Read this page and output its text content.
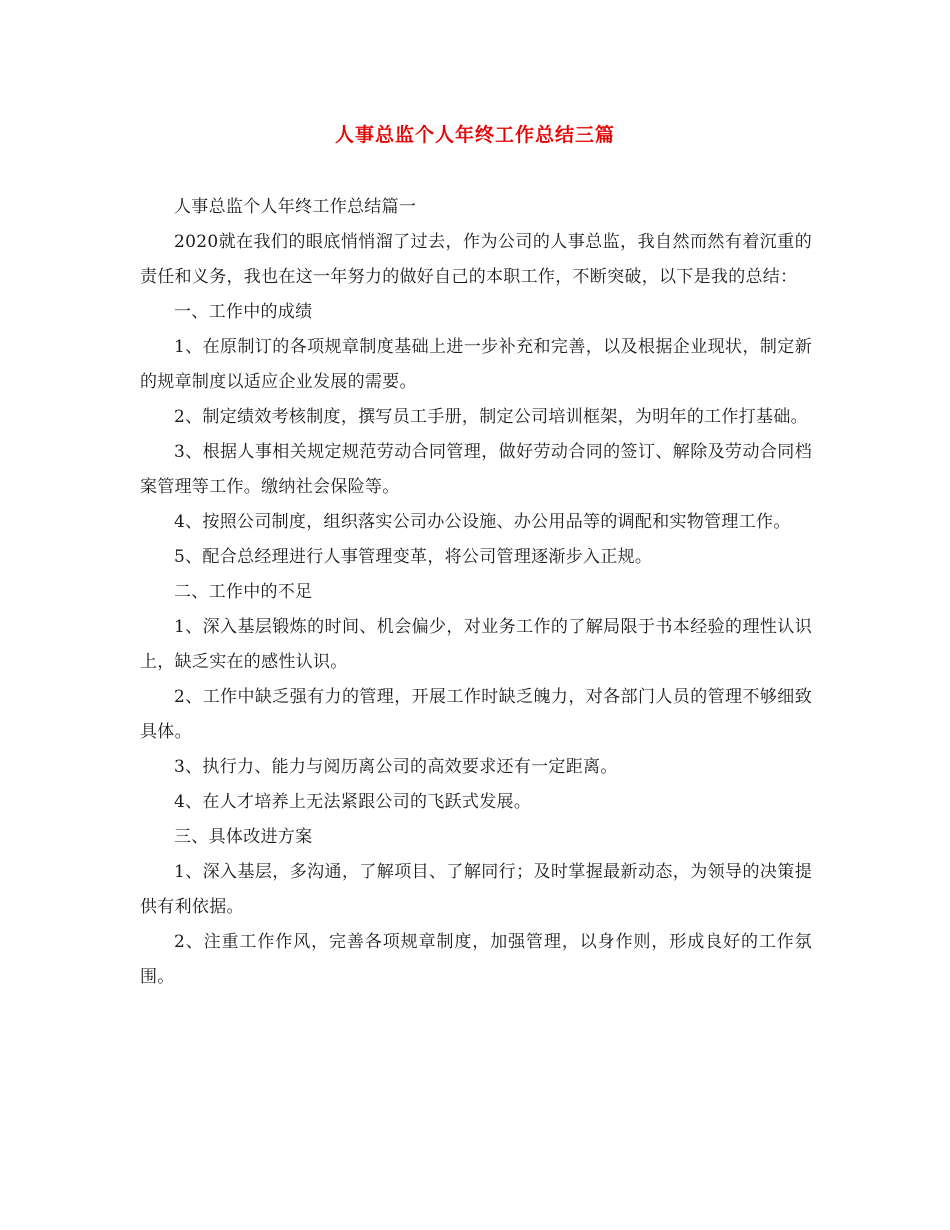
人事总监个人年终工作总结三篇

人事总监个人年终工作总结篇一

2020就在我们的眼底悄悄溜了过去，作为公司的人事总监，我自然而然有着沉重的责任和义务，我也在这一年努力的做好自己的本职工作，不断突破，以下是我的总结：

一、工作中的成绩

1、在原制订的各项规章制度基础上进一步补充和完善，以及根据企业现状，制定新的规章制度以适应企业发展的需要。

2、制定绩效考核制度，撰写员工手册，制定公司培训框架，为明年的工作打基础。

3、根据人事相关规定规范劳动合同管理，做好劳动合同的签订、解除及劳动合同档案管理等工作。缴纳社会保险等。

4、按照公司制度，组织落实公司办公设施、办公用品等的调配和实物管理工作。

5、配合总经理进行人事管理变革，将公司管理逐渐步入正规。

二、工作中的不足

1、深入基层锻炼的时间、机会偏少，对业务工作的了解局限于书本经验的理性认识上，缺乏实在的感性认识。

2、工作中缺乏强有力的管理，开展工作时缺乏魄力，对各部门人员的管理不够细致具体。

3、执行力、能力与阅历离公司的高效要求还有一定距离。

4、在人才培养上无法紧跟公司的飞跃式发展。

三、具体改进方案

1、深入基层，多沟通，了解项目、了解同行；及时掌握最新动态，为领导的决策提供有利依据。

2、注重工作作风，完善各项规章制度，加强管理，以身作则，形成良好的工作氛围。
